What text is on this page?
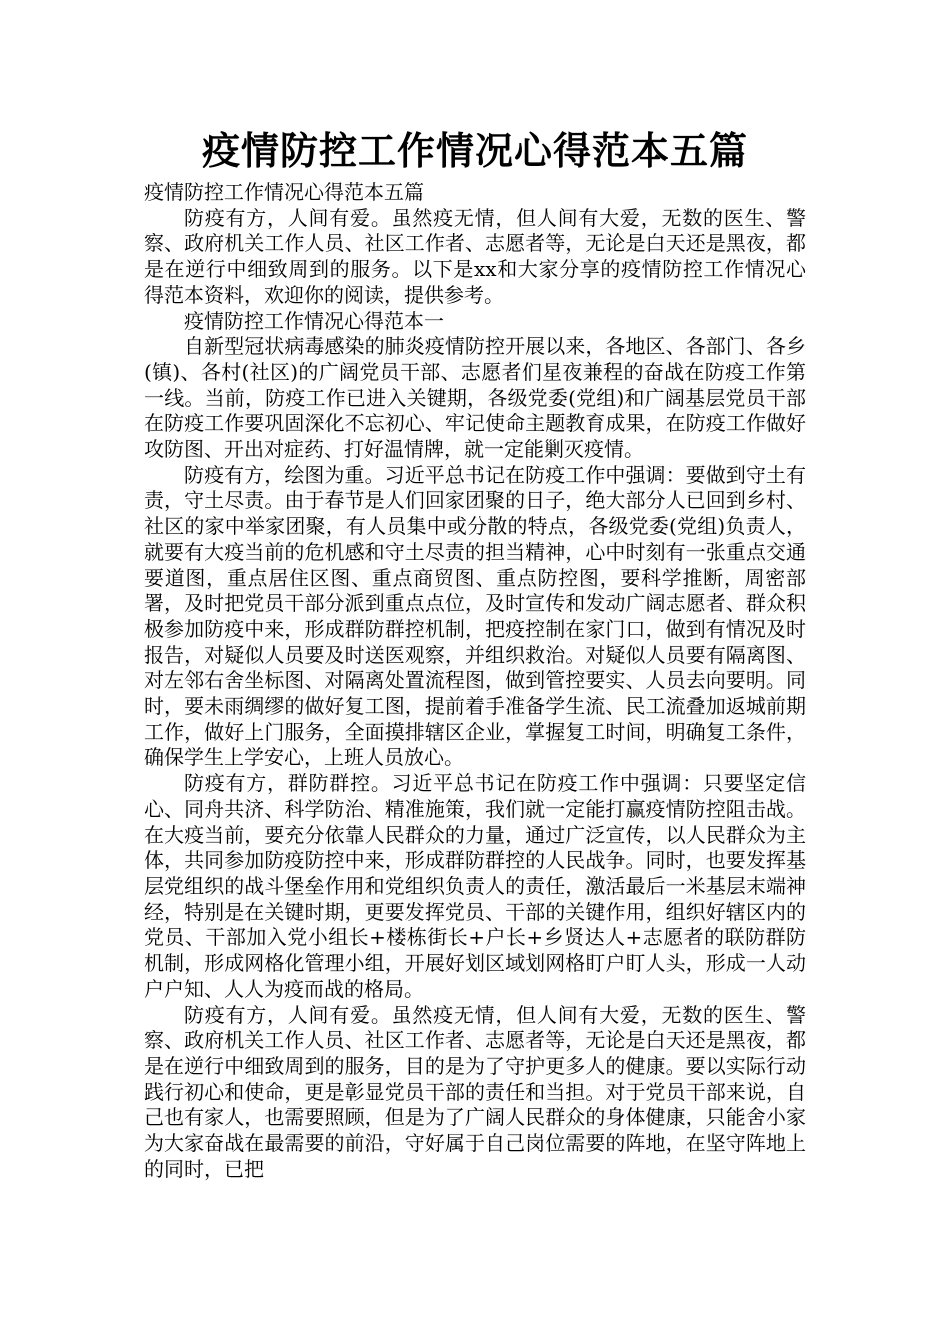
疫情防控工作情况心得范本五篇

疫情防控工作情况心得范本五篇

防疫有方，人间有爱。虽然疫无情，但人间有大爱，无数的医生、警察、政府机关工作人员、社区工作者、志愿者等，无论是白天还是黑夜，都是在逆行中细致周到的服务。以下是xx和大家分享的疫情防控工作情况心得范本资料，欢迎你的阅读，提供参考。

疫情防控工作情况心得范本一

自新型冠状病毒感染的肺炎疫情防控开展以来，各地区、各部门、各乡(镇)、各村(社区)的广阔党员干部、志愿者们星夜兼程的奋战在防疫工作第一线。当前，防疫工作已进入关键期，各级党委(党组)和广阔基层党员干部在防疫工作要巩固深化不忘初心、牢记使命主题教育成果，在防疫工作做好攻防图、开出对症药、打好温情牌，就一定能剿灭疫情。

防疫有方，绘图为重。习近平总书记在防疫工作中强调：要做到守土有责，守土尽责。由于春节是人们回家团聚的日子，绝大部分人已回到乡村、社区的家中举家团聚，有人员集中或分散的特点，各级党委(党组)负责人，就要有大疫当前的危机感和守土尽责的担当精神，心中时刻有一张重点交通要道图，重点居住区图、重点商贸图、重点防控图，要科学推断，周密部署，及时把党员干部分派到重点点位，及时宣传和发动广阔志愿者、群众积极参加防疫中来，形成群防群控机制，把疫控制在家门口，做到有情况及时报告，对疑似人员要及时送医观察，并组织救治。对疑似人员要有隔离图、对左邻右舍坐标图、对隔离处置流程图，做到管控要实、人员去向要明。同时，要未雨绸缪的做好复工图，提前着手准备学生流、民工流叠加返城前期工作，做好上门服务，全面摸排辖区企业，掌握复工时间，明确复工条件，确保学生上学安心，上班人员放心。

防疫有方，群防群控。习近平总书记在防疫工作中强调：只要坚定信心、同舟共济、科学防治、精准施策，我们就一定能打赢疫情防控阻击战。在大疫当前，要充分依靠人民群众的力量，通过广泛宣传，以人民群众为主体，共同参加防疫防控中来，形成群防群控的人民战争。同时，也要发挥基层党组织的战斗堡垒作用和党组织负责人的责任，激活最后一米基层末端神经，特别是在关键时期，更要发挥党员、干部的关键作用，组织好辖区内的党员、干部加入党小组长+楼栋街长+户长+乡贤达人+志愿者的联防群防机制，形成网格化管理小组，开展好划区域划网格盯户盯人头，形成一人动户户知、人人为疫而战的格局。

防疫有方，人间有爱。虽然疫无情，但人间有大爱，无数的医生、警察、政府机关工作人员、社区工作者、志愿者等，无论是白天还是黑夜，都是在逆行中细致周到的服务，目的是为了守护更多人的健康。要以实际行动践行初心和使命，更是彰显党员干部的责任和当担。对于党员干部来说，自己也有家人，也需要照顾，但是为了广阔人民群众的身体健康，只能舍小家为大家奋战在最需要的前沿，守好属于自己岗位需要的阵地，在坚守阵地上的同时，已把
